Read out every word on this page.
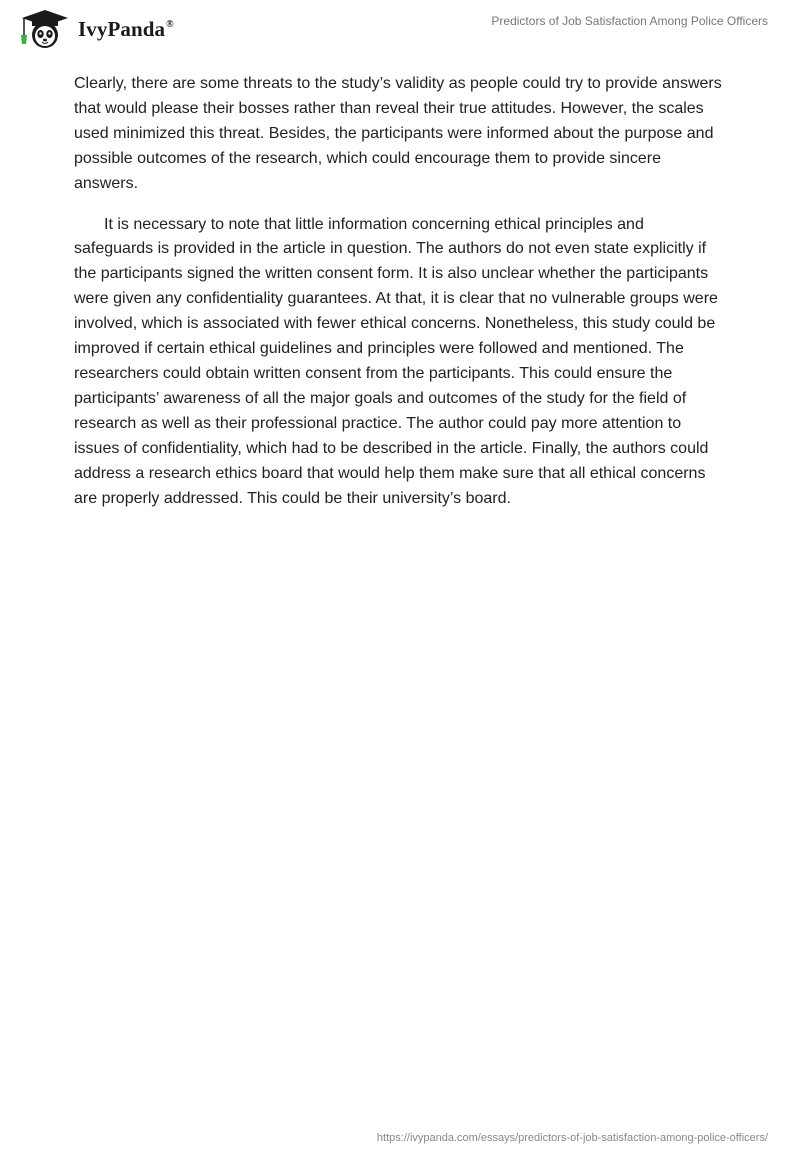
IvyPanda®	Predictors of Job Satisfaction Among Police Officers

Clearly, there are some threats to the study’s validity as people could try to provide answers that would please their bosses rather than reveal their true attitudes. However, the scales used minimized this threat. Besides, the participants were informed about the purpose and possible outcomes of the research, which could encourage them to provide sincere answers.

It is necessary to note that little information concerning ethical principles and safeguards is provided in the article in question. The authors do not even state explicitly if the participants signed the written consent form. It is also unclear whether the participants were given any confidentiality guarantees. At that, it is clear that no vulnerable groups were involved, which is associated with fewer ethical concerns. Nonetheless, this study could be improved if certain ethical guidelines and principles were followed and mentioned. The researchers could obtain written consent from the participants. This could ensure the participants’ awareness of all the major goals and outcomes of the study for the field of research as well as their professional practice. The author could pay more attention to issues of confidentiality, which had to be described in the article. Finally, the authors could address a research ethics board that would help them make sure that all ethical concerns are properly addressed. This could be their university’s board.

https://ivypanda.com/essays/predictors-of-job-satisfaction-among-police-officers/
